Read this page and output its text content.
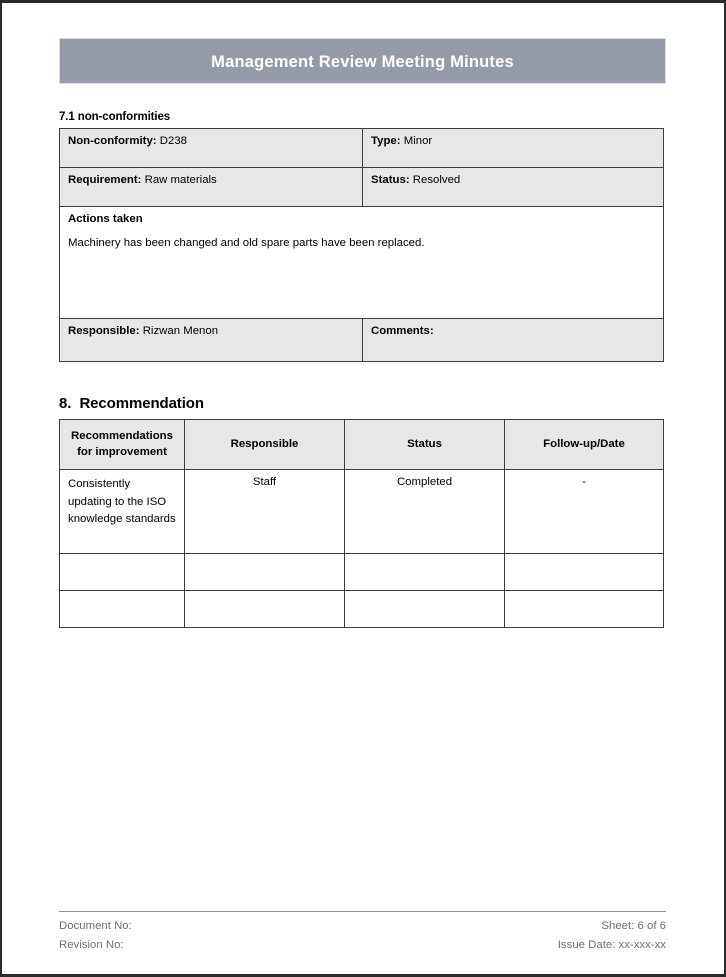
Management Review Meeting Minutes
7.1 non-conformities
Non-conformity: D238	Type: Minor
Requirement: Raw materials	Status: Resolved

Actions taken
Machinery has been changed and old spare parts have been replaced.	

Responsible: Rizwan Menon	Comments:
8.  Recommendation
Recommendations for improvement	Responsible	Status	Follow-up/Date
Consistently updating to the ISO knowledge standards	Staff	Completed	-

Document No:	Sheet: 6 of 6
Revision No:	Issue Date: xx-xxx-xx
